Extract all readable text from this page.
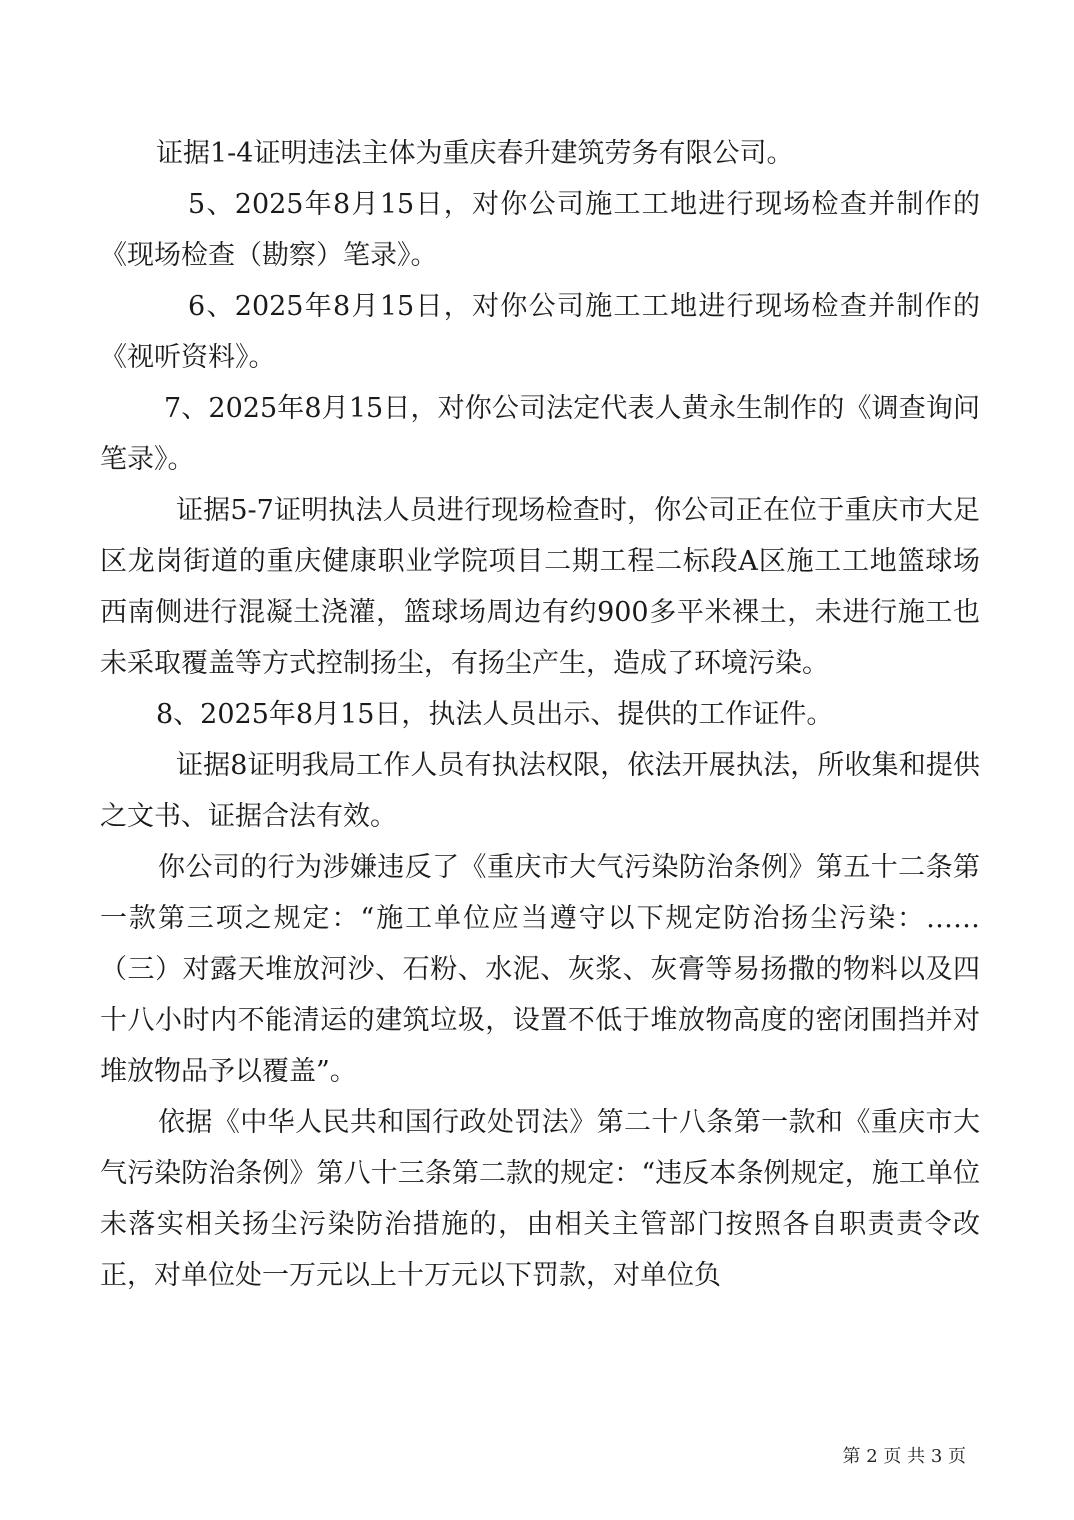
证据1-4证明违法主体为重庆春升建筑劳务有限公司。

5、2025年8月15日，对你公司施工工地进行现场检查并制作的《现场检查（勘察）笔录》。

6、2025年8月15日，对你公司施工工地进行现场检查并制作的《视听资料》。

7、2025年8月15日，对你公司法定代表人黄永生制作的《调查询问笔录》。

证据5-7证明执法人员进行现场检查时，你公司正在位于重庆市大足区龙岗街道的重庆健康职业学院项目二期工程二标段A区施工工地篮球场西南侧进行混凝土浇灌，篮球场周边有约900多平米裸土，未进行施工也未采取覆盖等方式控制扬尘，有扬尘产生，造成了环境污染。

8、2025年8月15日，执法人员出示、提供的工作证件。

证据8证明我局工作人员有执法权限，依法开展执法，所收集和提供之文书、证据合法有效。

你公司的行为涉嫌违反了《重庆市大气污染防治条例》第五十二条第一款第三项之规定：“施工单位应当遵守以下规定防治扬尘污染：……（三）对露天堆放河沙、石粉、水泥、灰浆、灰膏等易扬撒的物料以及四十八小时内不能清运的建筑垃圾，设置不低于堆放物高度的密闭围挡并对堆放物品予以覆盖”。

依据《中华人民共和国行政处罚法》第二十八条第一款和《重庆市大气污染防治条例》第八十三条第二款的规定：“违反本条例规定，施工单位未落实相关扬尘污染防治措施的，由相关主管部门按照各自职责责令改正，对单位处一万元以上十万元以下罚款，对单位负

第 2 页 共 3 页
